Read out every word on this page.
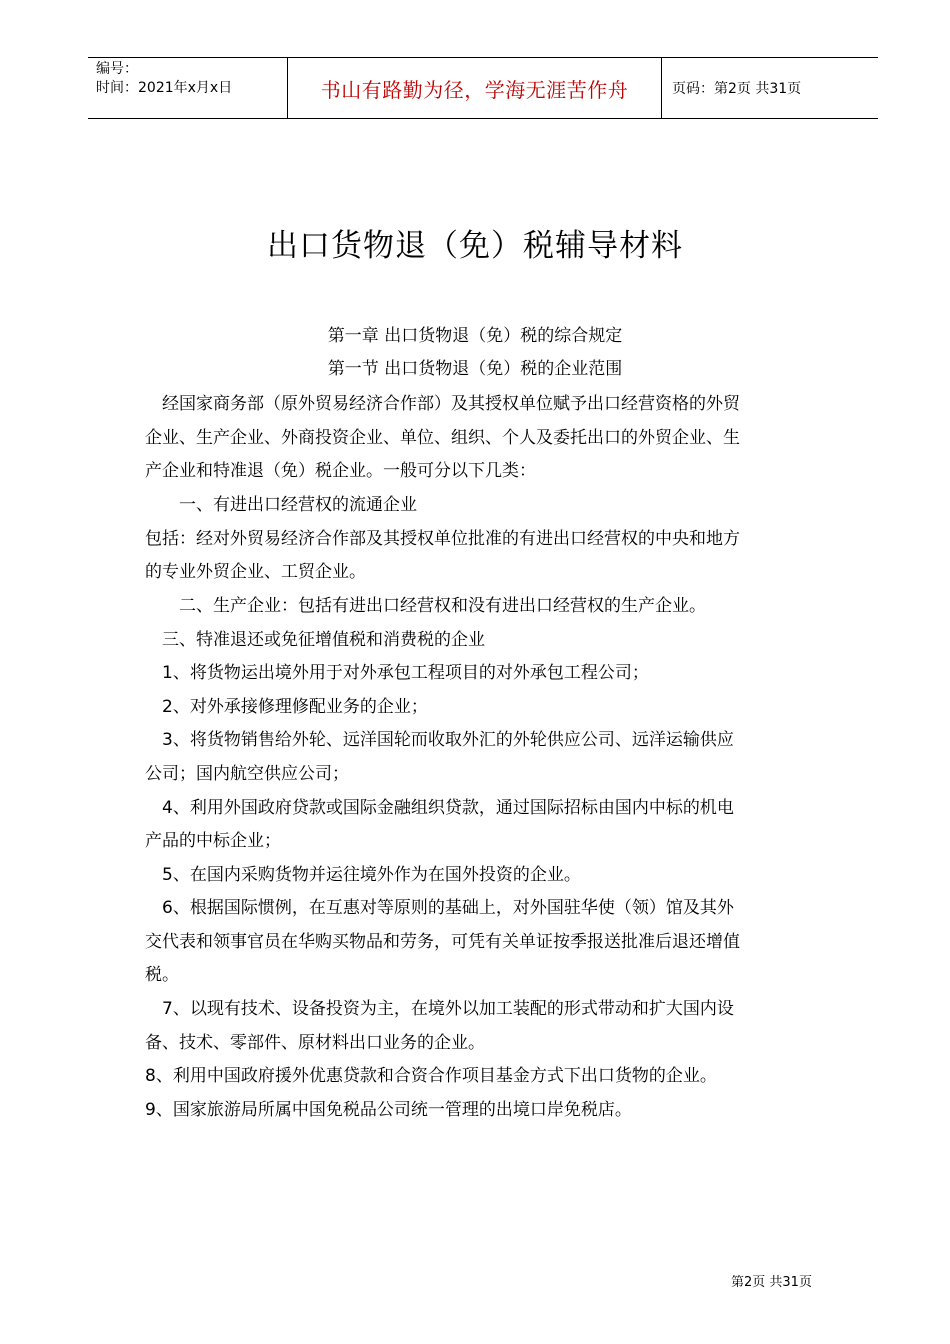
编号：
时间：2021年x月x日	书山有路勤为径，学海无涯苦作舟	页码：第2页 共31页
出口货物退（免）税辅导材料
第一章 出口货物退（免）税的综合规定
第一节 出口货物退（免）税的企业范围
　经国家商务部（原外贸易经济合作部）及其授权单位赋予出口经营资格的外贸
企业、生产企业、外商投资企业、单位、组织、个人及委托出口的外贸企业、生
产企业和特准退（免）税企业。一般可分以下几类：
　　一、有进出口经营权的流通企业
包括：经对外贸易经济合作部及其授权单位批准的有进出口经营权的中央和地方
的专业外贸企业、工贸企业。
　　二、生产企业：包括有进出口经营权和没有进出口经营权的生产企业。
　三、特准退还或免征增值税和消费税的企业
　1、将货物运出境外用于对外承包工程项目的对外承包工程公司；
　2、对外承接修理修配业务的企业；
　3、将货物销售给外轮、远洋国轮而收取外汇的外轮供应公司、远洋运输供应
公司；国内航空供应公司；
　4、利用外国政府贷款或国际金融组织贷款，通过国际招标由国内中标的机电
产品的中标企业；
　5、在国内采购货物并运往境外作为在国外投资的企业。
　6、根据国际惯例，在互惠对等原则的基础上，对外国驻华使（领）馆及其外
交代表和领事官员在华购买物品和劳务，可凭有关单证按季报送批准后退还增值
税。
　7、以现有技术、设备投资为主，在境外以加工装配的形式带动和扩大国内设
备、技术、零部件、原材料出口业务的企业。
8、利用中国政府援外优惠贷款和合资合作项目基金方式下出口货物的企业。
9、国家旅游局所属中国免税品公司统一管理的出境口岸免税店。
第2页 共31页
